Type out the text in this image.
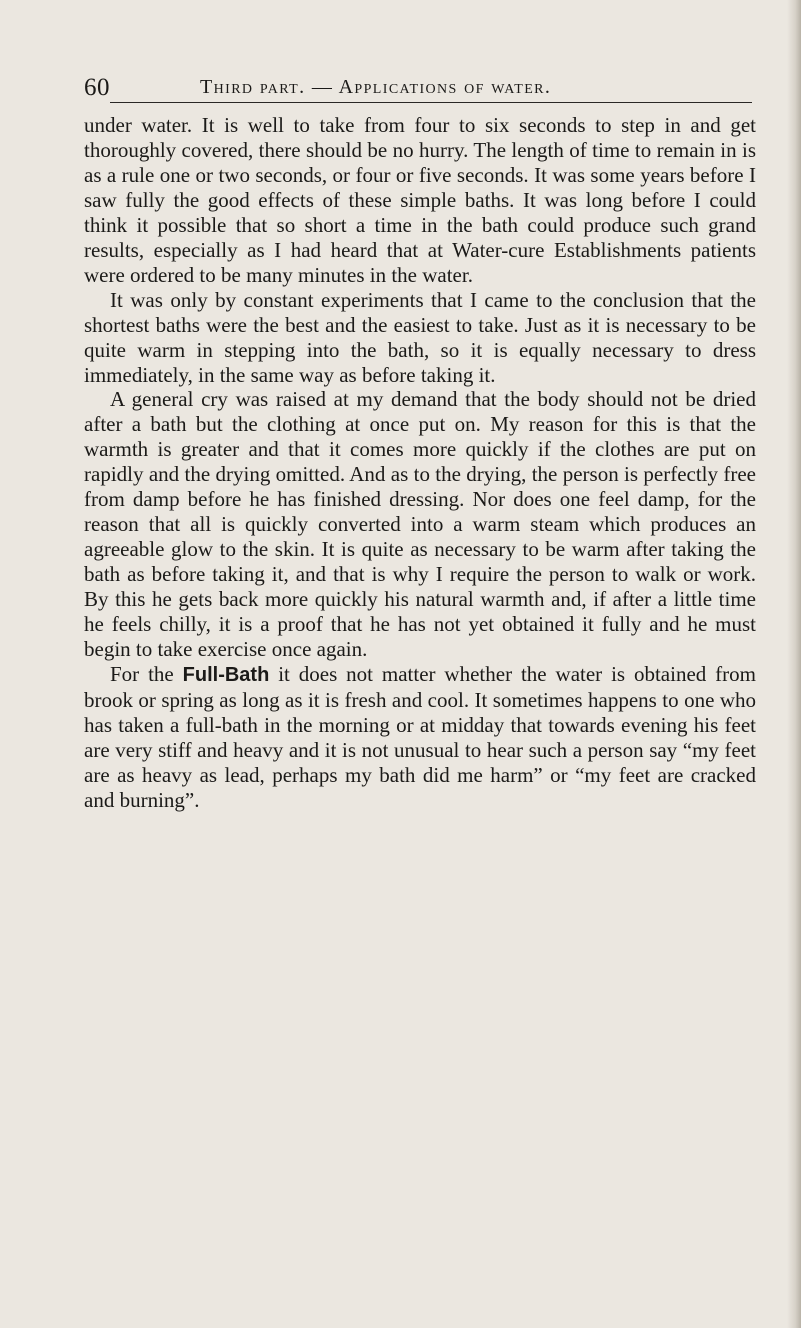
60	Third part. — Applications of water.

under water. It is well to take from four to six seconds to step in and get thoroughly covered, there should be no hurry. The length of time to remain in is as a rule one or two seconds, or four or five seconds. It was some years before I saw fully the good effects of these simple baths. It was long before I could think it possible that so short a time in the bath could produce such grand results, especially as I had heard that at Water-cure Establishments patients were ordered to be many minutes in the water.

It was only by constant experiments that I came to the conclusion that the shortest baths were the best and the easiest to take. Just as it is necessary to be quite warm in stepping into the bath, so it is equally necessary to dress immediately, in the same way as before taking it.

A general cry was raised at my demand that the body should not be dried after a bath but the clothing at once put on. My reason for this is that the warmth is greater and that it comes more quickly if the clothes are put on rapidly and the drying omitted. And as to the drying, the person is perfectly free from damp before he has finished dressing. Nor does one feel damp, for the reason that all is quickly converted into a warm steam which produces an agreeable glow to the skin. It is quite as necessary to be warm after taking the bath as before taking it, and that is why I require the person to walk or work. By this he gets back more quickly his natural warmth and, if after a little time he feels chilly, it is a proof that he has not yet obtained it fully and he must begin to take exercise once again.

For the Full-Bath it does not matter whether the water is obtained from brook or spring as long as it is fresh and cool. It sometimes happens to one who has taken a full-bath in the morning or at midday that towards evening his feet are very stiff and heavy and it is not unusual to hear such a person say “my feet are as heavy as lead, perhaps my bath did me harm” or “my feet are cracked and burning”.
